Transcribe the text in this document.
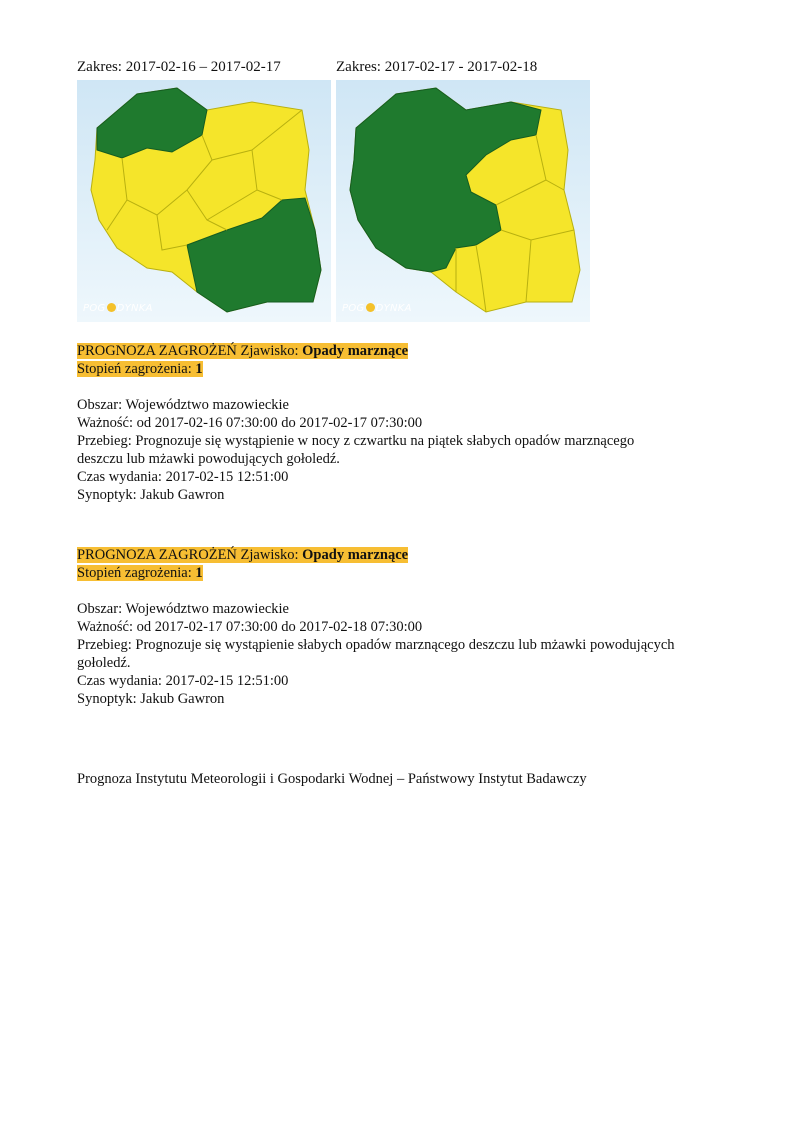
Zakres: 2017-02-16 – 2017-02-17
POG DYNKA
Zakres: 2017-02-17 - 2017-02-18
POG DYNKA
PROGNOZA ZAGROŻEŃ Zjawisko: Opady marznące
Stopień zagrożenia: 1
Obszar: Województwo mazowieckie
Ważność: od 2017-02-16 07:30:00 do 2017-02-17 07:30:00
Przebieg: Prognozuje się wystąpienie w nocy z czwartku na piątek słabych opadów marznącego
deszczu lub mżawki powodujących gołoledź.
Czas wydania: 2017-02-15 12:51:00
Synoptyk: Jakub Gawron
PROGNOZA ZAGROŻEŃ Zjawisko: Opady marznące
Stopień zagrożenia: 1
Obszar: Województwo mazowieckie
Ważność: od 2017-02-17 07:30:00 do 2017-02-18 07:30:00
Przebieg: Prognozuje się wystąpienie słabych opadów marznącego deszczu lub mżawki powodujących
gołoledź.
Czas wydania: 2017-02-15 12:51:00
Synoptyk: Jakub Gawron
Prognoza Instytutu Meteorologii i Gospodarki Wodnej – Państwowy Instytut Badawczy
